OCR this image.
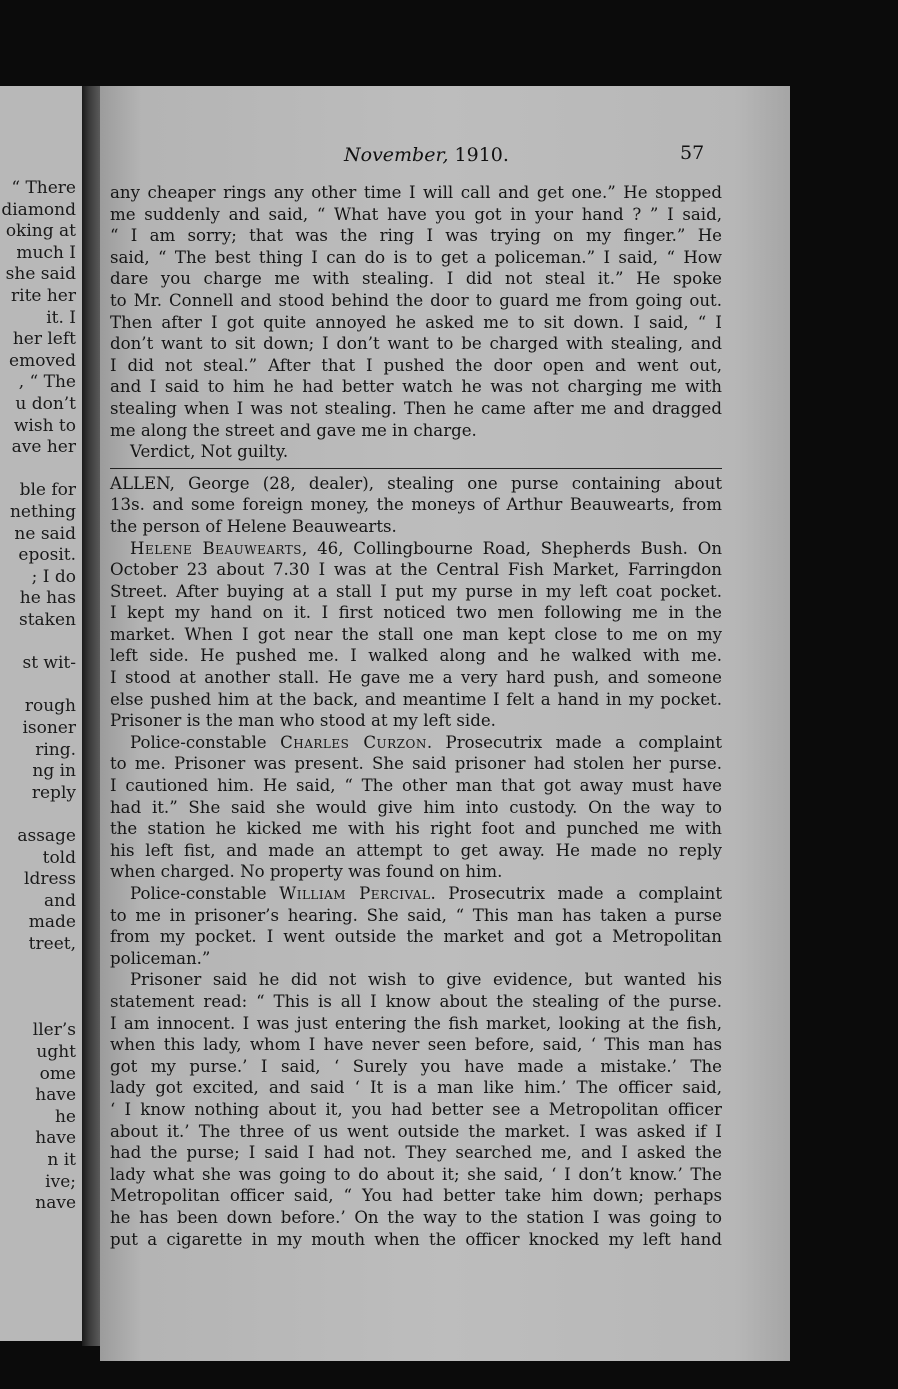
“ There
diamond
oking at
much I
she said
rite her
it. I
her left
emoved
, “ The
u don’t
wish to
ave her
ble for
nething
ne said
eposit.
; I do
he has
staken
st wit-
rough
isoner
ring.
ng in
reply
assage
told
ldress
and
made
treet,
ller’s
ught
ome
have
he
have
n it
ive;
nave
November, 1910.	57
any cheaper rings any other time I will call and get one.” He stopped
me suddenly and said, “ What have you got in your hand ? ” I said,
“ I am sorry; that was the ring I was trying on my finger.” He
said, “ The best thing I can do is to get a policeman.” I said, “ How
dare you charge me with stealing. I did not steal it.” He spoke
to Mr. Connell and stood behind the door to guard me from going out.
Then after I got quite annoyed he asked me to sit down. I said, “ I
don’t want to sit down; I don’t want to be charged with stealing, and
I did not steal.” After that I pushed the door open and went out,
and I said to him he had better watch he was not charging me with
stealing when I was not stealing. Then he came after me and dragged
me along the street and gave me in charge.
Verdict, Not guilty.
ALLEN, George (28, dealer), stealing one purse containing about
13s. and some foreign money, the moneys of Arthur Beauwearts, from
the person of Helene Beauwearts.
Helene Beauwearts, 46, Collingbourne Road, Shepherds Bush. On
October 23 about 7.30 I was at the Central Fish Market, Farringdon
Street. After buying at a stall I put my purse in my left coat pocket.
I kept my hand on it. I first noticed two men following me in the
market. When I got near the stall one man kept close to me on my
left side. He pushed me. I walked along and he walked with me.
I stood at another stall. He gave me a very hard push, and someone
else pushed him at the back, and meantime I felt a hand in my pocket.
Prisoner is the man who stood at my left side.
Police-constable Charles Curzon. Prosecutrix made a complaint
to me. Prisoner was present. She said prisoner had stolen her purse.
I cautioned him. He said, “ The other man that got away must have
had it.” She said she would give him into custody. On the way to
the station he kicked me with his right foot and punched me with
his left fist, and made an attempt to get away. He made no reply
when charged. No property was found on him.
Police-constable William Percival. Prosecutrix made a complaint
to me in prisoner’s hearing. She said, “ This man has taken a purse
from my pocket. I went outside the market and got a Metropolitan
policeman.”
Prisoner said he did not wish to give evidence, but wanted his
statement read: “ This is all I know about the stealing of the purse.
I am innocent. I was just entering the fish market, looking at the fish,
when this lady, whom I have never seen before, said, ‘ This man has
got my purse.’ I said, ‘ Surely you have made a mistake.’ The
lady got excited, and said ‘ It is a man like him.’ The officer said,
‘ I know nothing about it, you had better see a Metropolitan officer
about it.’ The three of us went outside the market. I was asked if I
had the purse; I said I had not. They searched me, and I asked the
lady what she was going to do about it; she said, ‘ I don’t know.’ The
Metropolitan officer said, “ You had better take him down; perhaps
he has been down before.’ On the way to the station I was going to
put a cigarette in my mouth when the officer knocked my left hand
